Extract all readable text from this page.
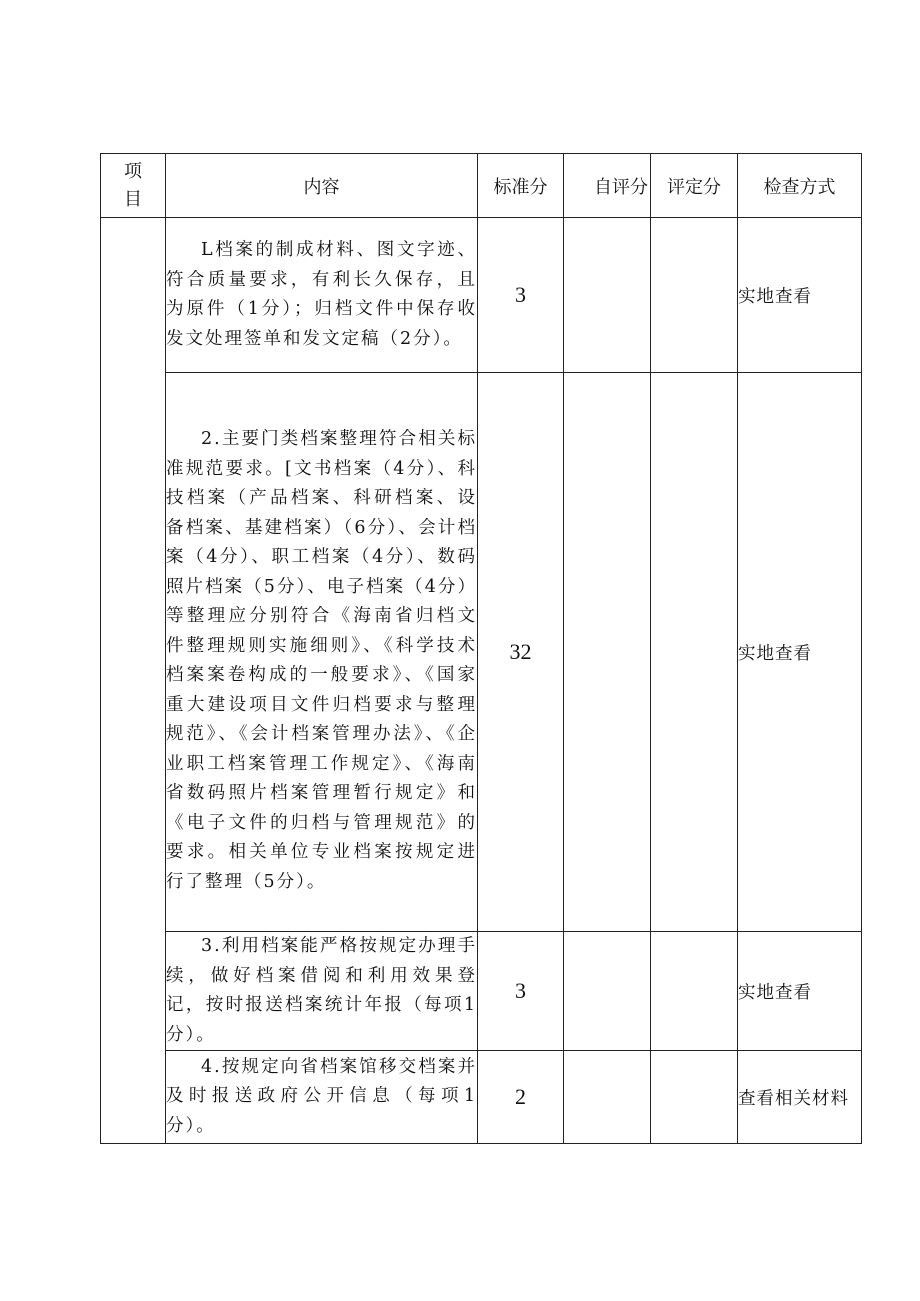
项
目	内容	标准分	自评分	评定分	检查方式

	L档案的制成材料、图文字迹、符合质量要求，有利长久保存，且为原件（1分）；归档文件中保存收发文处理签单和发文定稿（2分）。	3			实地查看

	2.主要门类档案整理符合相关标准规范要求。[文书档案（4分）、科技档案（产品档案、科研档案、设备档案、基建档案）（6分）、会计档案（4分）、职工档案（4分）、数码照片档案（5分）、电子档案（4分）等整理应分别符合《海南省归档文件整理规则实施细则》、《科学技术档案案卷构成的一般要求》、《国家重大建设项目文件归档要求与整理规范》、《会计档案管理办法》、《企业职工档案管理工作规定》、《海南省数码照片档案管理暂行规定》和《电子文件的归档与管理规范》的要求。相关单位专业档案按规定进行了整理（5分）。	32			实地查看

	3.利用档案能严格按规定办理手续，做好档案借阅和利用效果登记，按时报送档案统计年报（每项1分）。	3			实地查看

	4.按规定向省档案馆移交档案并及时报送政府公开信息（每项1分）。	2			查看相关材料
